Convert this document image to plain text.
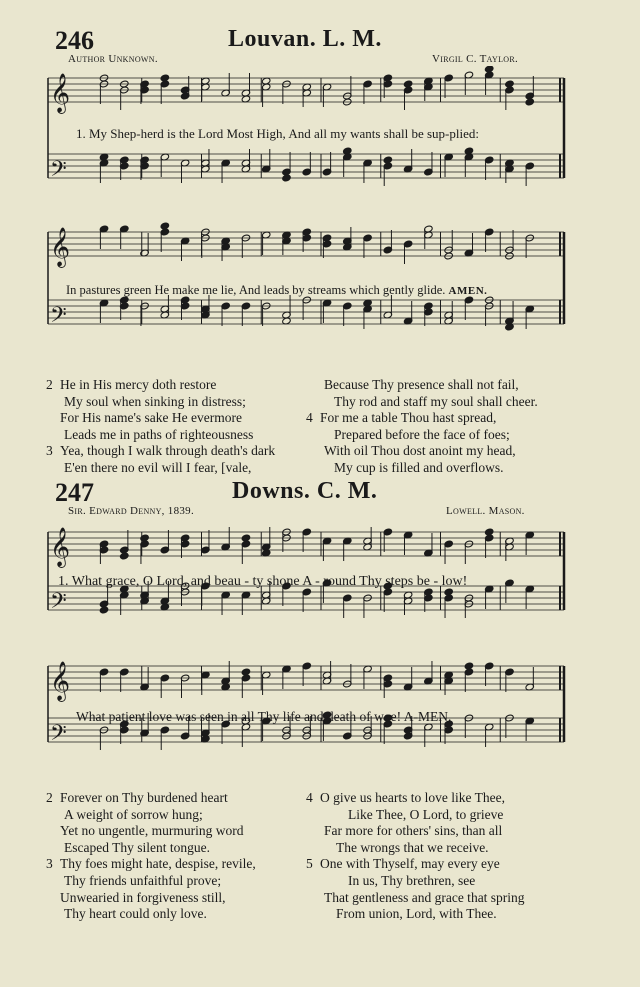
246	Louvan. L. M.
Author Unknown.	Virgil C. Taylor.
𝄞
𝄢
1. My Shep-herd is the Lord Most High, And all my wants shall be sup-plied:
𝄞
𝄢
In pastures green He make me lie, And leads by streams which gently glide. AMEN.
2 He in His mercy doth restore
My soul when sinking in distress;
For His name's sake He evermore
Leads me in paths of righteousness
3 Yea, though I walk through death's dark
E'en there no evil will I fear, [vale,
Because Thy presence shall not fail,
Thy rod and staff my soul shall cheer.
4 For me a table Thou hast spread,
Prepared before the face of foes;
With oil Thou dost anoint my head,
My cup is filled and overflows.
247	Downs. C. M.
Sir. Edward Denny, 1839.	Lowell. Mason.
𝄞
𝄢
1. What grace, O Lord, and beau - ty shone A - round Thy steps be - low!
𝄞
𝄢
What patient love was seen in all Thy life and death of woe! A-MEN.
2 Forever on Thy burdened heart
A weight of sorrow hung;
Yet no ungentle, murmuring word
Escaped Thy silent tongue.
3 Thy foes might hate, despise, revile,
Thy friends unfaithful prove;
Unwearied in forgiveness still,
Thy heart could only love.
4 O give us hearts to love like Thee,
Like Thee, O Lord, to grieve
Far more for others' sins, than all
The wrongs that we receive.
5 One with Thyself, may every eye
In us, Thy brethren, see
That gentleness and grace that spring
From union, Lord, with Thee.
